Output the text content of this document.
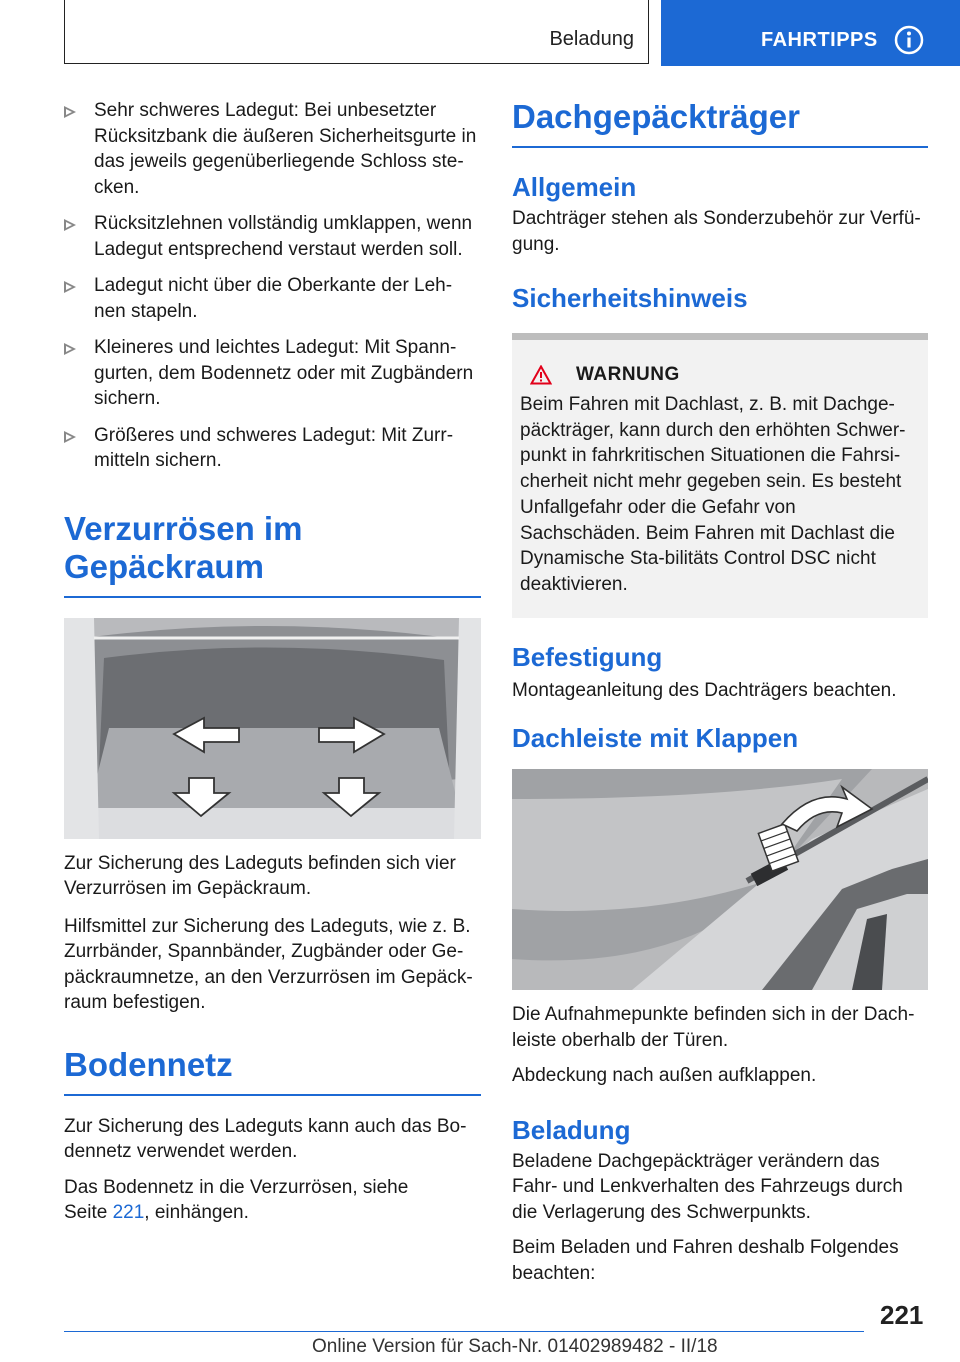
Beladung	FAHRTIPPS
Sehr schweres Ladegut: Bei unbesetzter Rücksitzbank die äußeren Sicherheitsgurte in das jeweils gegenüberliegende Schloss ste‐cken.
Rücksitzlehnen vollständig umklappen, wenn Ladegut entsprechend verstaut werden soll.
Ladegut nicht über die Oberkante der Leh‐nen stapeln.
Kleineres und leichtes Ladegut: Mit Spann‐gurten, dem Bodennetz oder mit Zugbändern sichern.
Größeres und schweres Ladegut: Mit Zurr‐mitteln sichern.
Verzurrösen im
Gepäckraum

Zur Sicherung des Ladeguts befinden sich vier Verzurrösen im Gepäckraum.

Hilfsmittel zur Sicherung des Ladeguts, wie z. B. Zurrbänder, Spannbänder, Zugbänder oder Ge‐päckraumnetze, an den Verzurrösen im Gepäck‐raum befestigen.

Bodennetz

Zur Sicherung des Ladeguts kann auch das Bo‐dennetz verwendet werden.

Das Bodennetz in die Verzurrösen, siehe
Seite 221, einhängen.

Dachgepäckträger
Allgemein

Dachträger stehen als Sonderzubehör zur Verfü‐gung.

Sicherheitshinweis
WARNUNG

Beim Fahren mit Dachlast, z. B. mit Dachge‐päckträger, kann durch den erhöhten Schwer‐punkt in fahrkritischen Situationen die Fahrsi‐cherheit nicht mehr gegeben sein. Es besteht Unfallgefahr oder die Gefahr von Sachschäden. Beim Fahren mit Dachlast die Dynamische Sta‐bilitäts Control DSC nicht deaktivieren.

Befestigung

Montageanleitung des Dachträgers beachten.

Dachleiste mit Klappen

Die Aufnahmepunkte befinden sich in der Dach‐leiste oberhalb der Türen.

Abdeckung nach außen aufklappen.

Beladung

Beladene Dachgepäckträger verändern das Fahr- und Lenkverhalten des Fahrzeugs durch die Verlagerung des Schwerpunkts.

Beim Beladen und Fahren deshalb Folgendes beachten:

221
Online Version für Sach-Nr. 01402989482 - II/18
